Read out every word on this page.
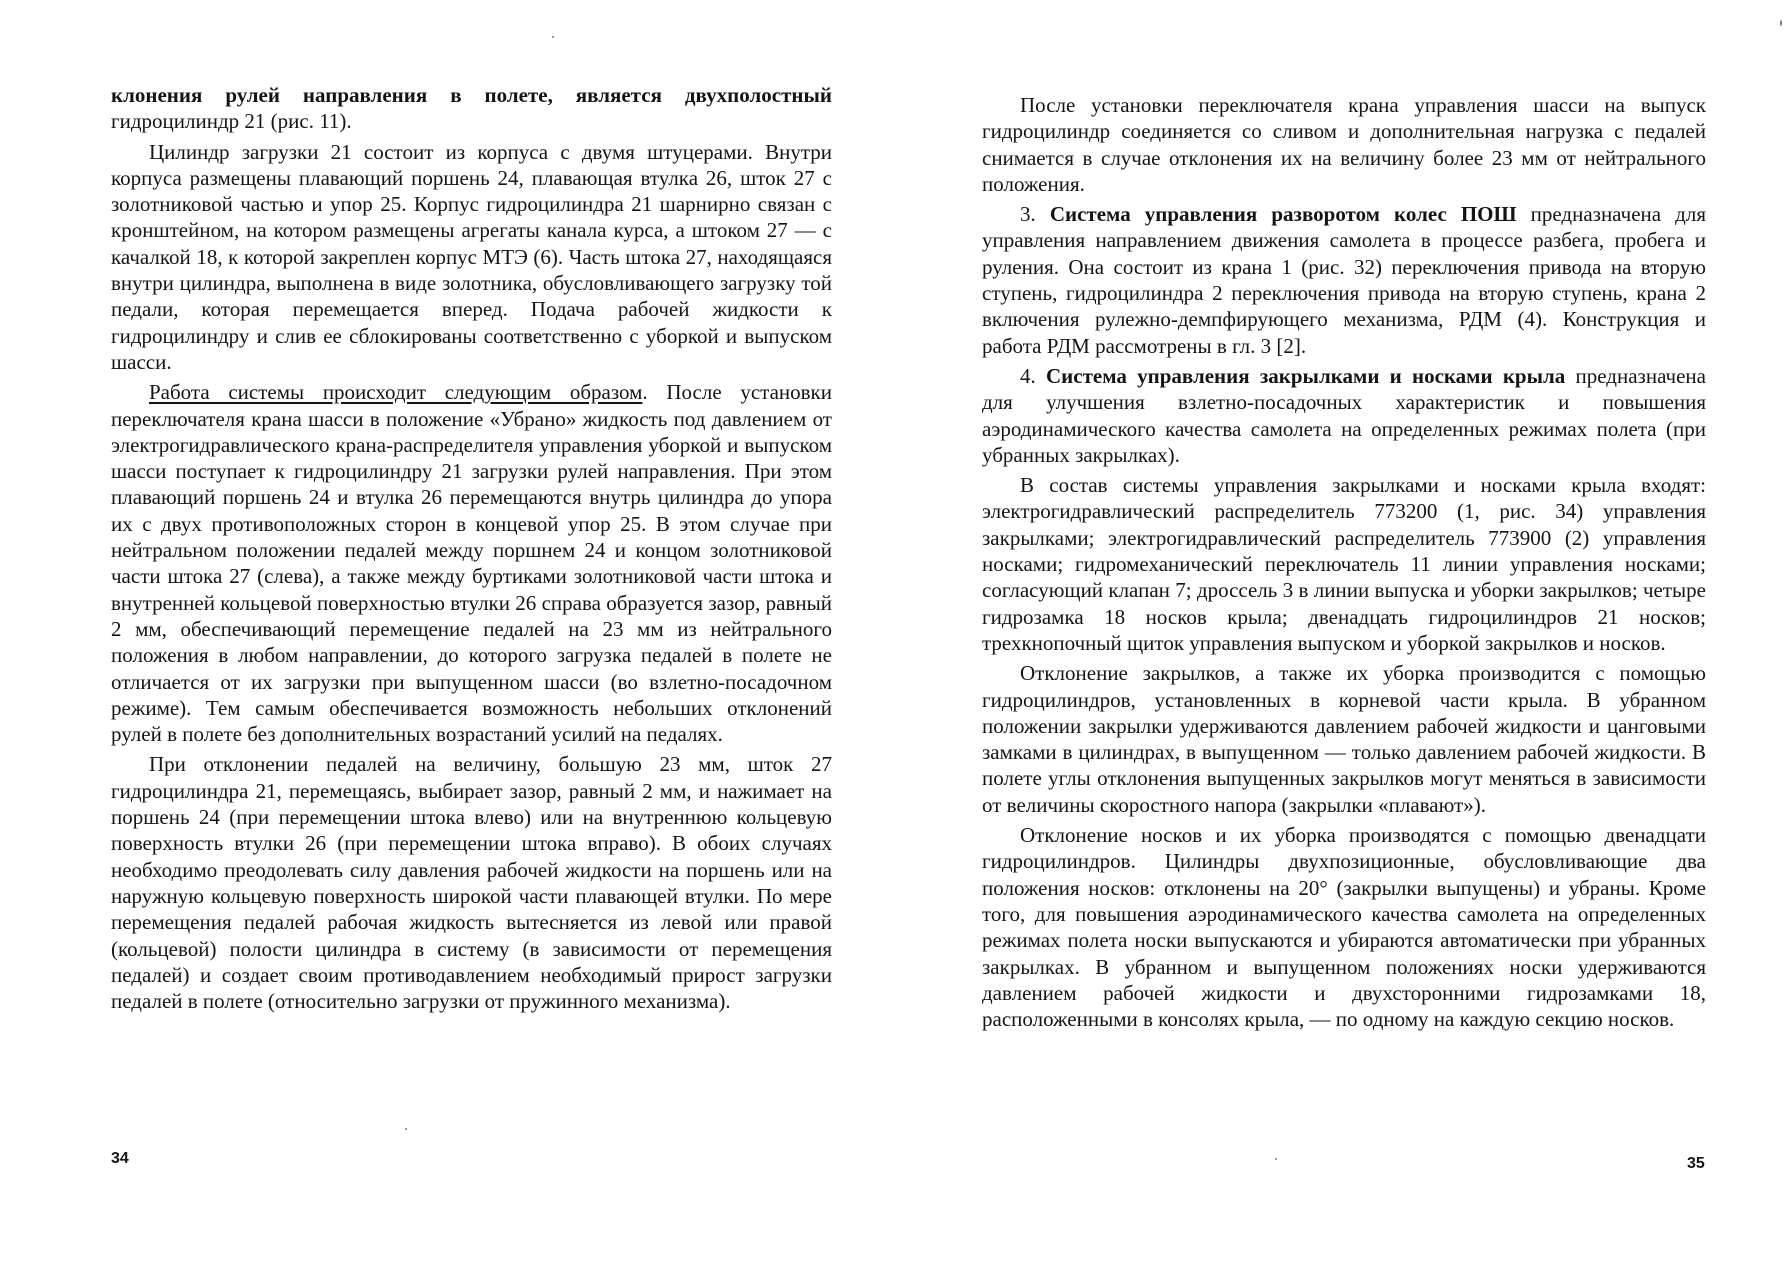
клонения рулей направления в полете, является двухполостный гидроцилиндр 21 (рис. 11).

Цилиндр загрузки 21 состоит из корпуса с двумя штуцерами. Внутри корпуса размещены плавающий поршень 24, плавающая втулка 26, шток 27 с золотниковой частью и упор 25. Корпус гидроцилиндра 21 шарнирно связан с кронштейном, на котором размещены агрегаты канала курса, а штоком 27 — с качалкой 18, к которой закреплен корпус МТЭ (6). Часть штока 27, находящаяся внутри цилиндра, выполнена в виде золотника, обусловливающего загрузку той педали, которая перемещается вперед. Подача рабочей жидкости к гидроцилиндру и слив ее сблокированы соответственно с уборкой и выпуском шасси.

Работа системы происходит следующим образом. После установки переключателя крана шасси в положение «Убрано» жидкость под давлением от электрогидравлического крана-распределителя управления уборкой и выпуском шасси поступает к гидроцилиндру 21 загрузки рулей направления. При этом плавающий поршень 24 и втулка 26 перемещаются внутрь цилиндра до упора их с двух противоположных сторон в концевой упор 25. В этом случае при нейтральном положении педалей между поршнем 24 и концом золотниковой части штока 27 (слева), а также между буртиками золотниковой части штока и внутренней кольцевой поверхностью втулки 26 справа образуется зазор, равный 2 мм, обеспечивающий перемещение педалей на 23 мм из нейтрального положения в любом направлении, до которого загрузка педалей в полете не отличается от их загрузки при выпущенном шасси (во взлетно-посадочном режиме). Тем самым обеспечивается возможность небольших отклонений рулей в полете без дополнительных возрастаний усилий на педалях.

При отклонении педалей на величину, большую 23 мм, шток 27 гидроцилиндра 21, перемещаясь, выбирает зазор, равный 2 мм, и нажимает на поршень 24 (при перемещении штока влево) или на внутреннюю кольцевую поверхность втулки 26 (при перемещении штока вправо). В обоих случаях необходимо преодолевать силу давления рабочей жидкости на поршень или на наружную кольцевую поверхность широкой части плавающей втулки. По мере перемещения педалей рабочая жидкость вытесняется из левой или правой (кольцевой) полости цилиндра в систему (в зависимости от перемещения педалей) и создает своим противодавлением необходимый прирост загрузки педалей в полете (относительно загрузки от пружинного механизма).

34

После установки переключателя крана управления шасси на выпуск гидроцилиндр соединяется со сливом и дополнительная нагрузка с педалей снимается в случае отклонения их на величину более 23 мм от нейтрального положения.

3. Система управления разворотом колес ПОШ предназначена для управления направлением движения самолета в процессе разбега, пробега и руления. Она состоит из крана 1 (рис. 32) переключения привода на вторую ступень, гидроцилиндра 2 переключения привода на вторую ступень, крана 2 включения рулежно-демпфирующего механизма, РДМ (4). Конструкция и работа РДМ рассмотрены в гл. 3 [2].

4. Система управления закрылками и носками крыла предназначена для улучшения взлетно-посадочных характеристик и повышения аэродинамического качества самолета на определенных режимах полета (при убранных закрылках).

В состав системы управления закрылками и носками крыла входят: электрогидравлический распределитель 773200 (1, рис. 34) управления закрылками; электрогидравлический распределитель 773900 (2) управления носками; гидромеханический переключатель 11 линии управления носками; согласующий клапан 7; дроссель 3 в линии выпуска и уборки закрылков; четыре гидрозамка 18 носков крыла; двенадцать гидроцилиндров 21 носков; трехкнопочный щиток управления выпуском и уборкой закрылков и носков.

Отклонение закрылков, а также их уборка производится с помощью гидроцилиндров, установленных в корневой части крыла. В убранном положении закрылки удерживаются давлением рабочей жидкости и цанговыми замками в цилиндрах, в выпущенном — только давлением рабочей жидкости. В полете углы отклонения выпущенных закрылков могут меняться в зависимости от величины скоростного напора (закрылки «плавают»).

Отклонение носков и их уборка производятся с помощью двенадцати гидроцилиндров. Цилиндры двухпозиционные, обусловливающие два положения носков: отклонены на 20° (закрылки выпущены) и убраны. Кроме того, для повышения аэродинамического качества самолета на определенных режимах полета носки выпускаются и убираются автоматически при убранных закрылках. В убранном и выпущенном положениях носки удерживаются давлением рабочей жидкости и двухсторонними гидрозамками 18, расположенными в консолях крыла, — по одному на каждую секцию носков.

35
